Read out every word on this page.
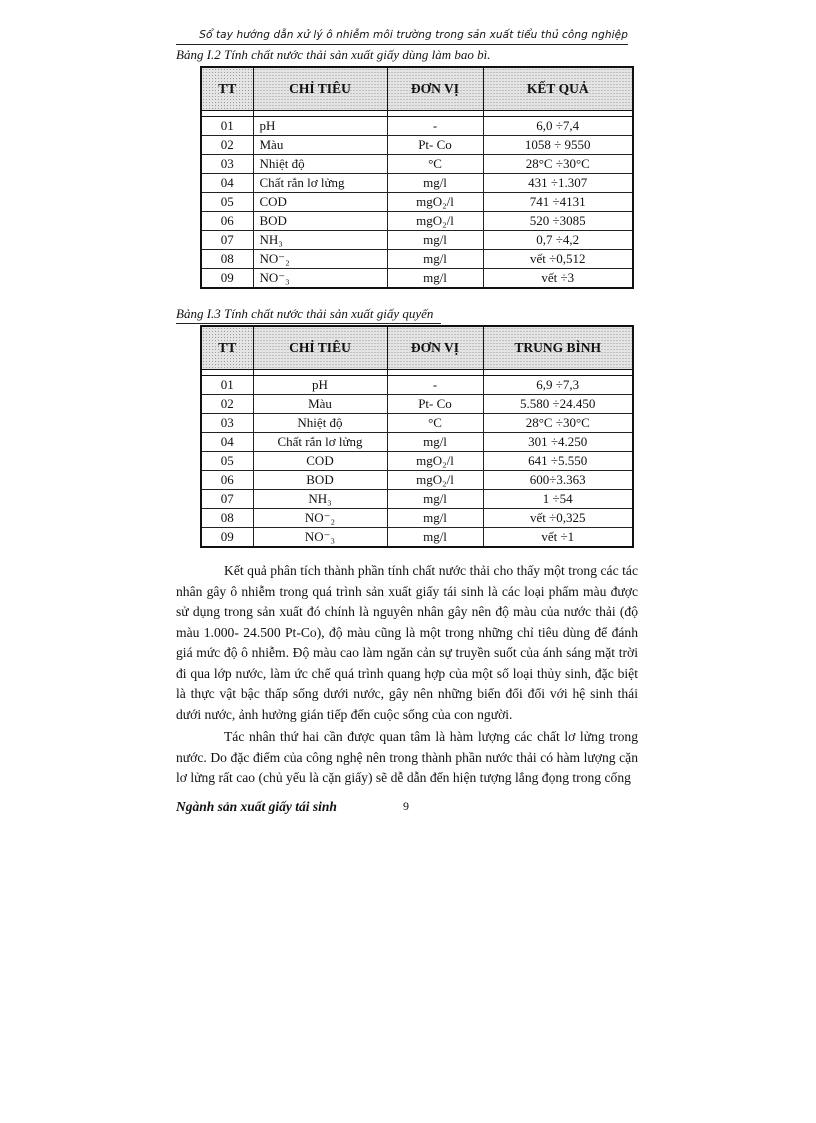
Sổ tay hướng dẫn xử lý ô nhiễm môi trường trong sản xuất tiểu thủ công nghiệp
Bảng I.2 Tính chất nước thải sản xuất giấy dùng làm bao bì.
TT	CHỈ TIÊU	ĐƠN VỊ	KẾT QUẢ

01	pH	-	6,0 ÷7,4
02	Màu	Pt- Co	1058 ÷ 9550
03	Nhiệt độ	°C	28°C ÷30°C
04	Chất rắn lơ lửng	mg/l	431 ÷1.307
05	COD	mgO₂/l	741 ÷4131
06	BOD	mgO₂/l	520 ÷3085
07	NH₃	mg/l	0,7 ÷4,2
08	NO⁻₂	mg/l	vết ÷0,512
09	NO⁻₃	mg/l	vết ÷3
Bảng I.3 Tính chất nước thải sản xuất giấy quyến
TT	CHỈ TIÊU	ĐƠN VỊ	TRUNG BÌNH

01	pH	-	6,9 ÷7,3
02	Màu	Pt- Co	5.580 ÷24.450
03	Nhiệt độ	°C	28°C ÷30°C
04	Chất rắn lơ lửng	mg/l	301 ÷4.250
05	COD	mgO₂/l	641 ÷5.550
06	BOD	mgO₂/l	600÷3.363
07	NH₃	mg/l	1 ÷54
08	NO⁻₂	mg/l	vết ÷0,325
09	NO⁻₃	mg/l	vết ÷1

Kết quả phân tích thành phần tính chất nước thải cho thấy một trong các tác nhân gây ô nhiễm trong quá trình sản xuất giấy tái sinh là các loại phẩm màu được sử dụng trong sản xuất đó chính là nguyên nhân gây nên độ màu của nước thải (độ màu 1.000- 24.500 Pt-Co), độ màu cũng là một trong những chỉ tiêu dùng để đánh giá mức độ ô nhiễm. Độ màu cao làm ngăn cản sự truyền suốt của ánh sáng mặt trời đi qua lớp nước, làm ức chế quá trình quang hợp của một số loại thủy sinh, đặc biệt là thực vật bậc thấp sống dưới nước, gây nên những biến đổi đối với hệ sinh thái dưới nước, ảnh hưởng gián tiếp đến cuộc sống của con người.

Tác nhân thứ hai cần được quan tâm là hàm lượng các chất lơ lửng trong nước. Do đặc điểm của công nghệ nên trong thành phần nước thải có hàm lượng cặn lơ lửng rất cao (chủ yếu là cặn giấy) sẽ dễ dẫn đến hiện tượng lắng đọng trong cống

Ngành sản xuất giấy tái sinh	9
